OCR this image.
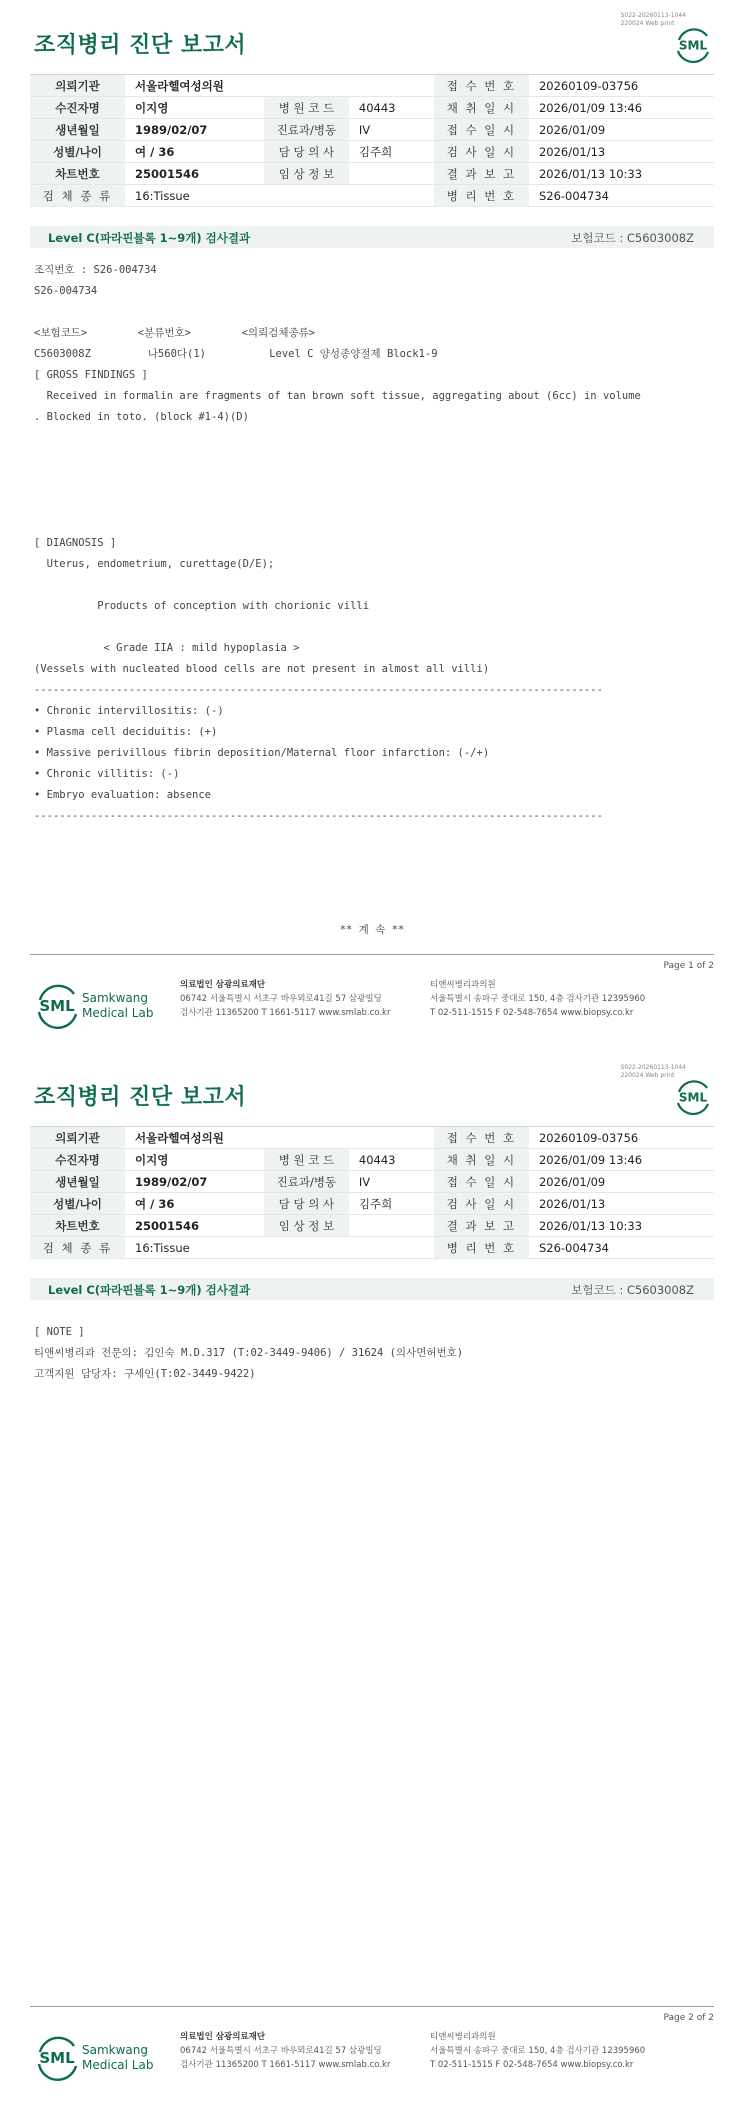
S022-20260113-1044
220024 Web print
조직병리 진단 보고서	SML
의뢰기관	서울라헬여성의원			접 수 번 호	20260109-03756
수진자명	이지영	병 원 코 드	40443	채 취 일 시	2026/01/09 13:46
생년월일	1989/02/07	진료과/병동	IV	접 수 일 시	2026/01/09
성별/나이	여 / 36	담 당 의 사	김주희	검 사 일 시	2026/01/13
차트번호	25001546	임 상 정 보		결 과 보 고	2026/01/13 10:33
검 체 종 류	16:Tissue			병 리 번 호	S26-004734
Level C(파라핀블록 1~9개) 검사결과	보험코드 : C5603008Z
조직번호 : S26-004734
S26-004734
<보험코드>        <분류번호>        <의뢰검체종류>
C5603008Z         나560다(1)          Level C 양성종양절제 Block1-9
[ GROSS FINDINGS ]
Received in formalin are fragments of tan brown soft tissue, aggregating about (6cc) in volume
. Blocked in toto. (block #1-4)(D)
[ DIAGNOSIS ]
Uterus, endometrium, curettage(D/E);
Products of conception with chorionic villi
< Grade IIA : mild hypoplasia >
(Vessels with nucleated blood cells are not present in almost all villi)
------------------------------------------------------------------------------------------
• Chronic intervillositis: (-)
• Plasma cell deciduitis: (+)
• Massive perivillous fibrin deposition/Maternal floor infarction: (-/+)
• Chronic villitis: (-)
• Embryo evaluation: absence
------------------------------------------------------------------------------------------
** 계 속 **
Page 1 of 2
SML Samkwang
Medical Lab
의료법인 삼광의료재단
06742 서울특별시 서초구 바우뫼로41길 57 삼광빌딩
검사기관 11365200 T 1661-5117 www.smlab.co.kr
티앤씨병리과의원
서울특별시 송파구 중대로 150, 4층 검사기관 12395960
T 02-511-1515 F 02-548-7654 www.biopsy.co.kr
S022-20260113-1044
220024 Web print
조직병리 진단 보고서	SML
의뢰기관	서울라헬여성의원			접 수 번 호	20260109-03756
수진자명	이지영	병 원 코 드	40443	채 취 일 시	2026/01/09 13:46
생년월일	1989/02/07	진료과/병동	IV	접 수 일 시	2026/01/09
성별/나이	여 / 36	담 당 의 사	김주희	검 사 일 시	2026/01/13
차트번호	25001546	임 상 정 보		결 과 보 고	2026/01/13 10:33
검 체 종 류	16:Tissue			병 리 번 호	S26-004734
Level C(파라핀블록 1~9개) 검사결과	보험코드 : C5603008Z
[ NOTE ]
티앤씨병리과 전문의: 김인숙 M.D.317 (T:02-3449-9406) / 31624 (의사면허번호)
고객지원 담당자: 구세인(T:02-3449-9422)
Page 2 of 2
SML Samkwang
Medical Lab
의료법인 삼광의료재단
06742 서울특별시 서초구 바우뫼로41길 57 삼광빌딩
검사기관 11365200 T 1661-5117 www.smlab.co.kr
티앤씨병리과의원
서울특별시 송파구 중대로 150, 4층 검사기관 12395960
T 02-511-1515 F 02-548-7654 www.biopsy.co.kr
